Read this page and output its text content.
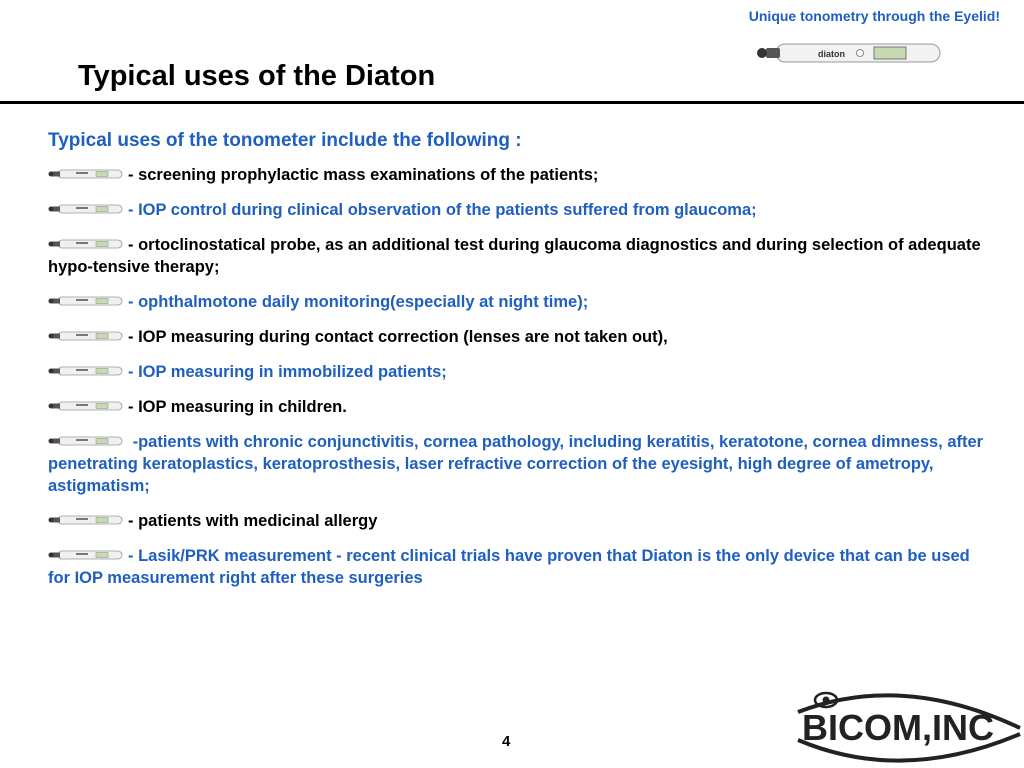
Unique tonometry through the Eyelid!
diaton
Typical uses of the Diaton
Typical uses of the tonometer include the following :
- screening prophylactic mass examinations of the patients;
- IOP control during clinical observation of the patients suffered from glaucoma;
- ortoclinostatical probe, as an additional test during glaucoma diagnostics and during selection of adequate hypo-tensive therapy;
- ophthalmotone daily monitoring(especially at night time);
- IOP measuring during contact correction (lenses are not taken out),
- IOP measuring in immobilized patients;
- IOP measuring in children.
-patients with chronic conjunctivitis, cornea pathology, including keratitis, keratotone, cornea dimness, after penetrating keratoplastics, keratoprosthesis, laser refractive correction of the eyesight, high degree of ametropy, astigmatism;
- patients with medicinal allergy
- Lasik/PRK measurement - recent clinical trials have proven that Diaton is the only device that can be used for IOP measurement right after these surgeries
4	BICOM,INC
